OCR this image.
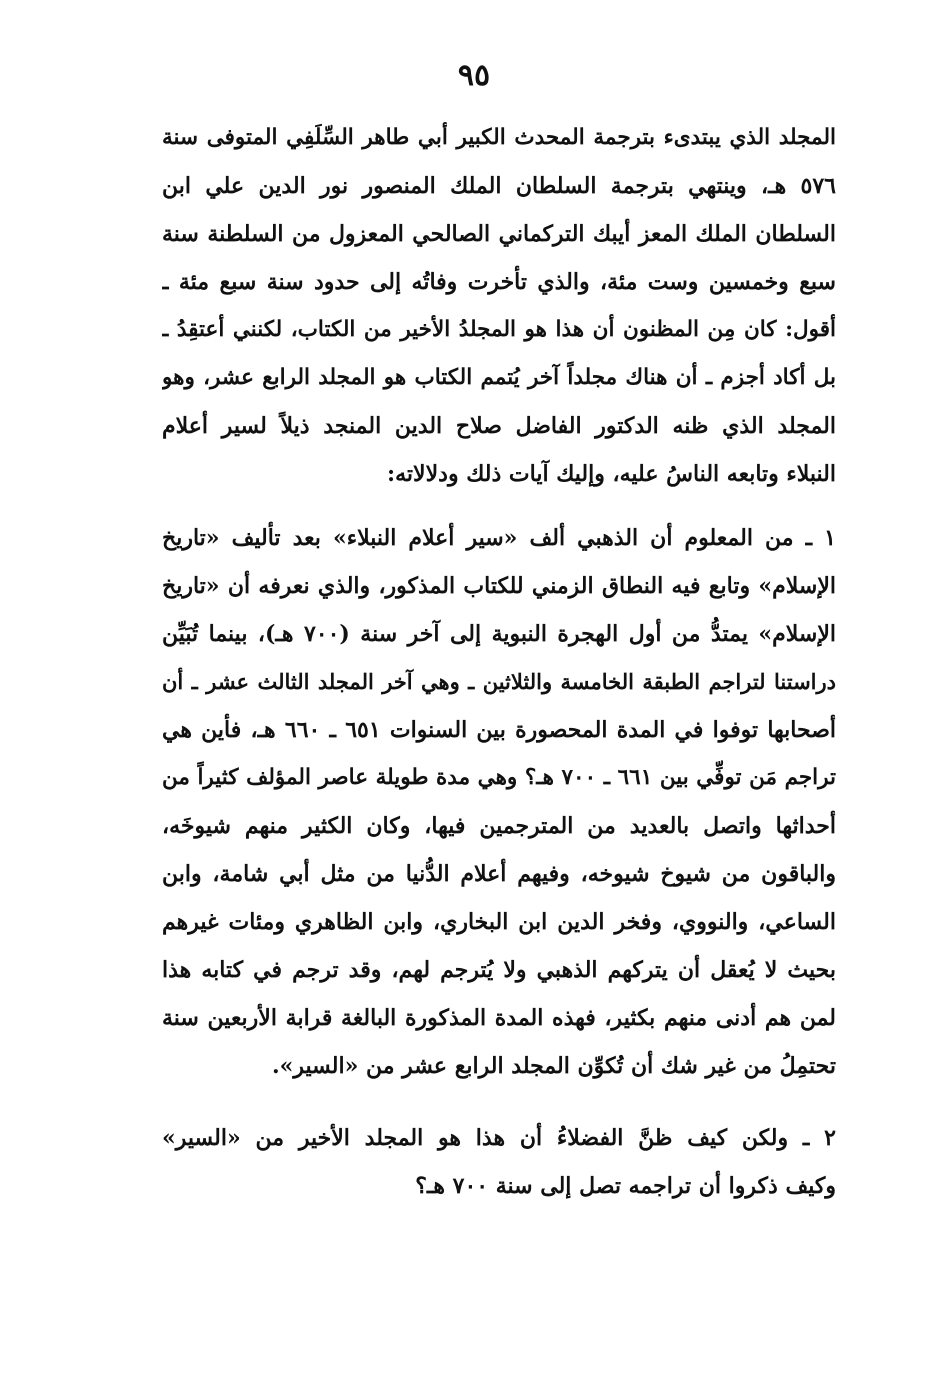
٩٥
المجلد الذي يبتدىء بترجمة المحدث الكبير أبي طاهر السِّلَفِي المتوفى سنة
٥٧٦ هـ، وينتهي بترجمة السلطان الملك المنصور نور الدين علي ابن
السلطان الملك المعز أيبك التركماني الصالحي المعزول من السلطنة سنة
سبع وخمسين وست مئة، والذي تأخرت وفاتُه إلى حدود سنة سبع مئة ـ
أقول: كان مِن المظنون أن هذا هو المجلدُ الأخير من الكتاب، لكنني أعتقِدُ ـ
بل أكاد أجزم ـ أن هناك مجلداً آخر يُتمم الكتاب هو المجلد الرابع عشر، وهو
المجلد الذي ظنه الدكتور الفاضل صلاح الدين المنجد ذيلاً لسير أعلام
النبلاء وتابعه الناسُ عليه، وإليك آيات ذلك ودلالاته:
١ ـ من المعلوم أن الذهبي ألف «سير أعلام النبلاء» بعد تأليف «تاريخ
الإسلام» وتابع فيه النطاق الزمني للكتاب المذكور، والذي نعرفه أن «تاريخ
الإسلام» يمتدُّ من أول الهجرة النبوية إلى آخر سنة (٧٠٠ هـ)، بينما تُبَيِّن
دراستنا لتراجم الطبقة الخامسة والثلاثين ـ وهي آخر المجلد الثالث عشر ـ أن
أصحابها توفوا في المدة المحصورة بين السنوات ٦٥١ ـ ٦٦٠ هـ، فأين هي
تراجم مَن توفِّي بين ٦٦١ ـ ٧٠٠ هـ؟ وهي مدة طويلة عاصر المؤلف كثيراً من
أحداثها واتصل بالعديد من المترجمين فيها، وكان الكثير منهم شيوخَه،
والباقون من شيوخ شيوخه، وفيهم أعلام الدُّنيا من مثل أبي شامة، وابن
الساعي، والنووي، وفخر الدين ابن البخاري، وابن الظاهري ومئات غيرهم
بحيث لا يُعقل أن يتركهم الذهبي ولا يُترجم لهم، وقد ترجم في كتابه هذا
لمن هم أدنى منهم بكثير، فهذه المدة المذكورة البالغة قرابة الأربعين سنة
تحتمِلُ من غير شك أن تُكوِّن المجلد الرابع عشر من «السير».
٢ ـ ولكن كيف ظنَّ الفضلاءُ أن هذا هو المجلد الأخير من «السير»
وكيف ذكروا أن تراجمه تصل إلى سنة ٧٠٠ هـ؟
